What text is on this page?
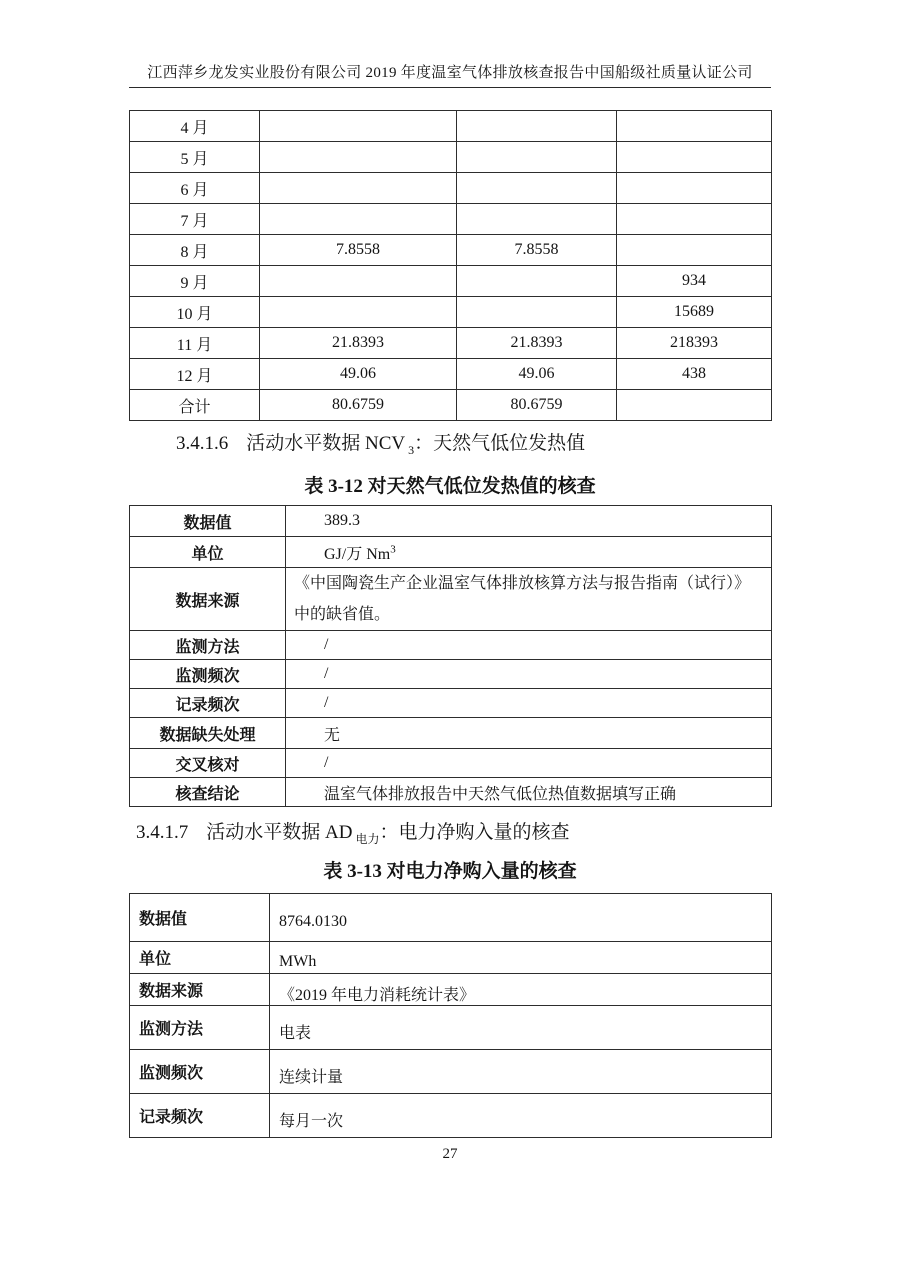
江西萍乡龙发实业股份有限公司 2019 年度温室气体排放核查报告中国船级社质量认证公司
4 月			
5 月			
6 月			
7 月			
8 月	7.8558	7.8558	
9 月			934
10 月			15689
11 月	21.8393	21.8393	218393
12 月	49.06	49.06	438
合计	80.6759	80.6759	
3.4.1.6 活动水平数据 NCV $_3$：天然气低位发热值
表 3-12 对天然气低位发热值的核查
数据值	389.3
单位	GJ/万 Nm$^3$
数据来源	《中国陶瓷生产企业温室气体排放核算方法与报告指南（试行）》中的缺省值。
监测方法	/
监测频次	/
记录频次	/
数据缺失处理	无
交叉核对	/
核查结论	温室气体排放报告中天然气低位热值数据填写正确
3.4.1.7 活动水平数据 AD $_{电力}$：电力净购入量的核查
表 3-13 对电力净购入量的核查
数据值	8764.0130
单位	MWh
数据来源	《2019 年电力消耗统计表》
监测方法	电表
监测频次	连续计量
记录频次	每月一次
27
